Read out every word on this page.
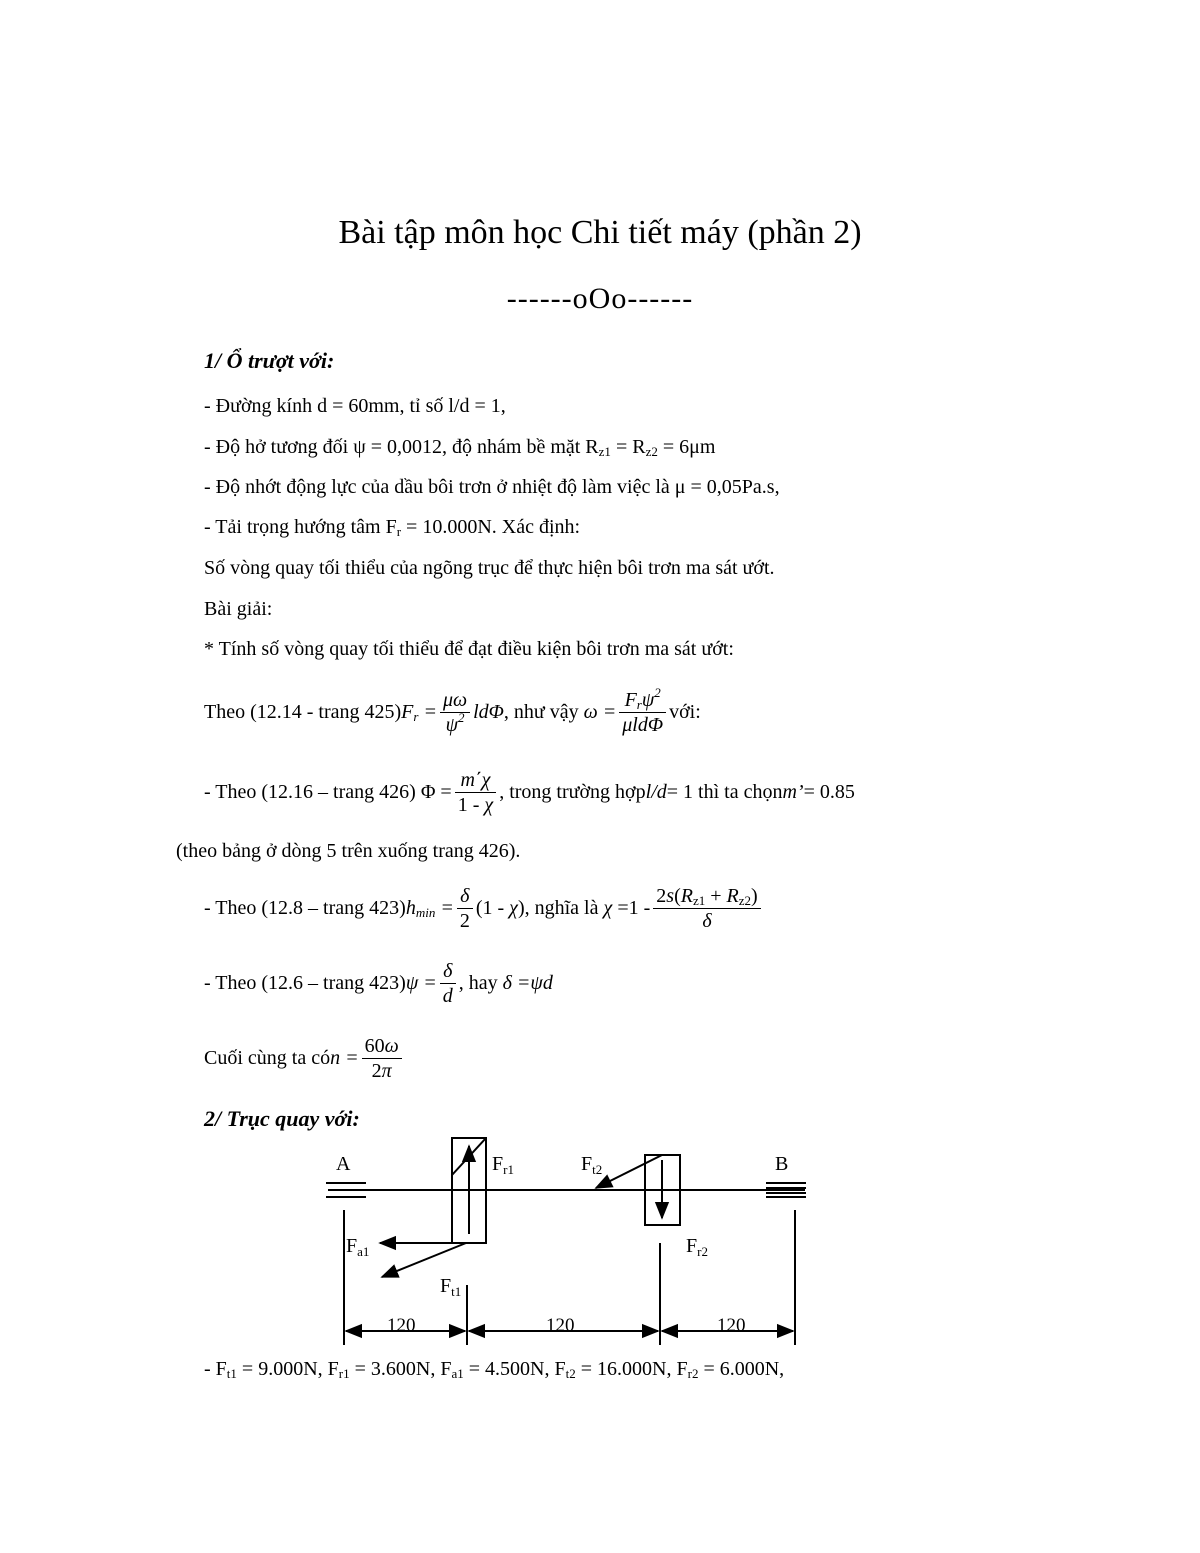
Bài tập môn học Chi tiết máy (phần 2)
------oOo------
1/ Ổ trượt với:
- Đường kính d = 60mm, tỉ số l/d = 1,
- Độ hở tương đối ψ = 0,0012, độ nhám bề mặt $R_{z1} = R_{z2} = 6\mu m$
- Độ nhớt động lực của dầu bôi trơn ở nhiệt độ làm việc là μ = 0,05Pa.s,
- Tải trọng hướng tâm $F_r = 10.000N$. Xác định:
Số vòng quay tối thiểu của ngõng trục để thực hiện bôi trơn ma sát ướt.
Bài giải:
* Tính số vòng quay tối thiểu để đạt điều kiện bôi trơn ma sát ướt:
Theo (12.14 - trang 425) $F_r = \frac{\mu\omega}{\psi^2}$ ldΦ , như vậy $\omega = \frac{F_r\psi^2}{\text{μldΦ}}$ với:
- Theo (12.16 – trang 426) $\Phi = \frac{m΄\chi}{1 - \chi}$ , trong trường hợp l/d = 1 thì ta chọn m’ = 0.85
(theo bảng ở dòng 5 trên xuống trang 426).
- Theo (12.8 – trang 423) $h_{min} = \frac{\delta}{2} (1 - \chi)$ , nghĩa là $\chi =1 - \frac{2s(R_{z1} + R_{z2})}{\delta}$
- Theo (12.6 – trang 423) $\psi = \frac{\delta}{d}$ , hay δ =ψd
Cuối cùng ta có $n = \frac{60\omega}{2\pi}$
2/ Trục quay với:
A	B
$F_{r1}$	$F_{t2}$
$F_{a1}$
$F_{t1}$
$F_{r2}$
120	120	120
- $F_{t1} = 9.000N$, $F_{r1} = 3.600N$, $F_{a1} = 4.500N$, $F_{t2} = 16.000N$, $F_{r2} = 6.000N$,
